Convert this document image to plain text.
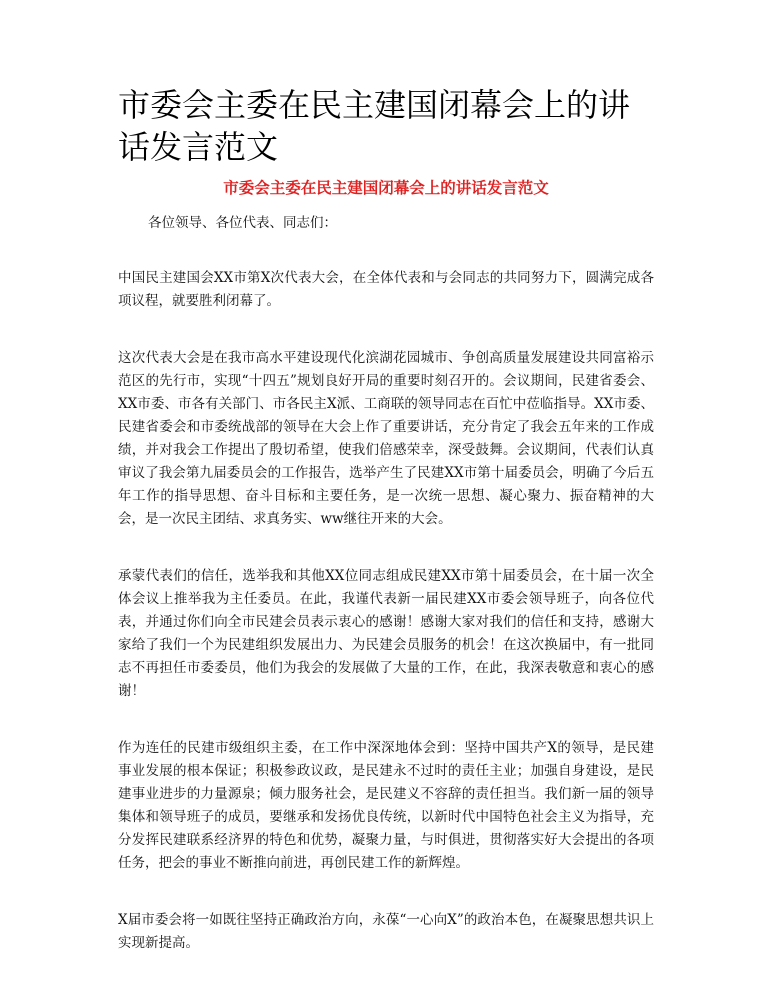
市委会主委在民主建国闭幕会上的讲话发言范文
市委会主委在民主建国闭幕会上的讲话发言范文

各位领导、各位代表、同志们：

中国民主建国会XX市第X次代表大会，在全体代表和与会同志的共同努力下，圆满完成各项议程，就要胜利闭幕了。

这次代表大会是在我市高水平建设现代化滨湖花园城市、争创高质量发展建设共同富裕示范区的先行市，实现“十四五”规划良好开局的重要时刻召开的。会议期间，民建省委会、XX市委、市各有关部门、市各民主X派、工商联的领导同志在百忙中莅临指导。XX市委、民建省委会和市委统战部的领导在大会上作了重要讲话，充分肯定了我会五年来的工作成绩，并对我会工作提出了殷切希望，使我们倍感荣幸，深受鼓舞。会议期间，代表们认真审议了我会第九届委员会的工作报告，选举产生了民建XX市第十届委员会，明确了今后五年工作的指导思想、奋斗目标和主要任务，是一次统一思想、凝心聚力、振奋精神的大会，是一次民主团结、求真务实、ww继往开来的大会。

承蒙代表们的信任，选举我和其他XX位同志组成民建XX市第十届委员会，在十届一次全体会议上推举我为主任委员。在此，我谨代表新一届民建XX市委会领导班子，向各位代表，并通过你们向全市民建会员表示衷心的感谢！感谢大家对我们的信任和支持，感谢大家给了我们一个为民建组织发展出力、为民建会员服务的机会！在这次换届中，有一批同志不再担任市委委员，他们为我会的发展做了大量的工作，在此，我深表敬意和衷心的感谢！

作为连任的民建市级组织主委，在工作中深深地体会到：坚持中国共产X的领导，是民建事业发展的根本保证；积极参政议政，是民建永不过时的责任主业；加强自身建设，是民建事业进步的力量源泉；倾力服务社会，是民建义不容辞的责任担当。我们新一届的领导集体和领导班子的成员，要继承和发扬优良传统，以新时代中国特色社会主义为指导，充分发挥民建联系经济界的特色和优势，凝聚力量，与时俱进，贯彻落实好大会提出的各项任务，把会的事业不断推向前进，再创民建工作的新辉煌。

X届市委会将一如既往坚持正确政治方向，永葆“一心向X”的政治本色，在凝聚思想共识上实现新提高。
